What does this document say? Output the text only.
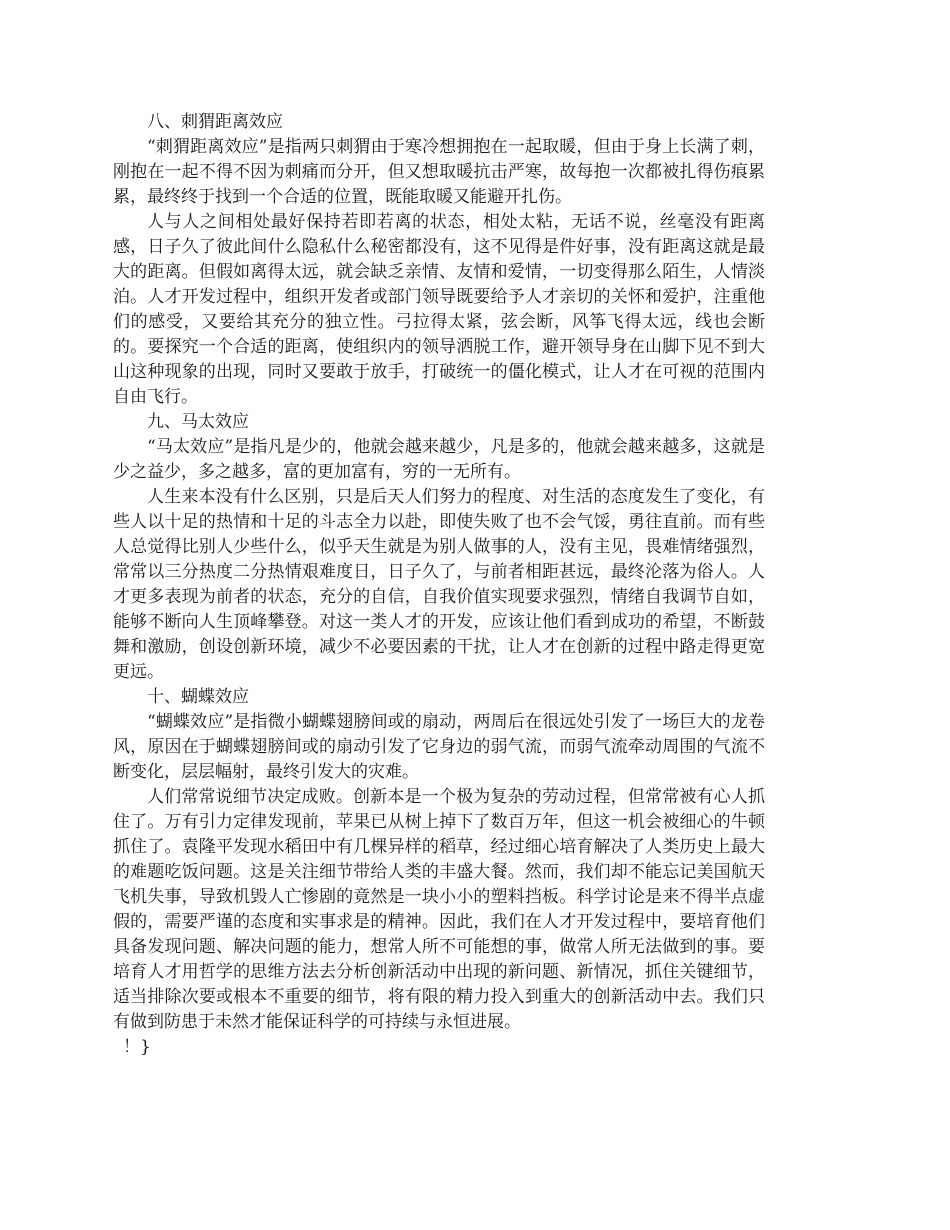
八、刺猬距离效应

“刺猬距离效应”是指两只刺猬由于寒冷想拥抱在一起取暖，但由于身上长满了刺，刚抱在一起不得不因为刺痛而分开，但又想取暖抗击严寒，故每抱一次都被扎得伤痕累累，最终终于找到一个合适的位置，既能取暖又能避开扎伤。

人与人之间相处最好保持若即若离的状态，相处太粘，无话不说，丝毫没有距离感，日子久了彼此间什么隐私什么秘密都没有，这不见得是件好事，没有距离这就是最大的距离。但假如离得太远，就会缺乏亲情、友情和爱情，一切变得那么陌生，人情淡泊。人才开发过程中，组织开发者或部门领导既要给予人才亲切的关怀和爱护，注重他们的感受，又要给其充分的独立性。弓拉得太紧，弦会断，风筝飞得太远，线也会断的。要探究一个合适的距离，使组织内的领导洒脱工作，避开领导身在山脚下见不到大山这种现象的出现，同时又要敢于放手，打破统一的僵化模式，让人才在可视的范围内自由飞行。

九、马太效应

“马太效应”是指凡是少的，他就会越来越少，凡是多的，他就会越来越多，这就是少之益少，多之越多，富的更加富有，穷的一无所有。

人生来本没有什么区别，只是后天人们努力的程度、对生活的态度发生了变化，有些人以十足的热情和十足的斗志全力以赴，即使失败了也不会气馁，勇往直前。而有些人总觉得比别人少些什么，似乎天生就是为别人做事的人，没有主见，畏难情绪强烈，常常以三分热度二分热情艰难度日，日子久了，与前者相距甚远，最终沦落为俗人。人才更多表现为前者的状态，充分的自信，自我价值实现要求强烈，情绪自我调节自如，能够不断向人生顶峰攀登。对这一类人才的开发，应该让他们看到成功的希望，不断鼓舞和激励，创设创新环境，减少不必要因素的干扰，让人才在创新的过程中路走得更宽更远。

十、蝴蝶效应

“蝴蝶效应”是指微小蝴蝶翅膀间或的扇动，两周后在很远处引发了一场巨大的龙卷风，原因在于蝴蝶翅膀间或的扇动引发了它身边的弱气流，而弱气流牵动周围的气流不断变化，层层幅射，最终引发大的灾难。

人们常常说细节决定成败。创新本是一个极为复杂的劳动过程，但常常被有心人抓住了。万有引力定律发现前，苹果已从树上掉下了数百万年，但这一机会被细心的牛顿抓住了。袁隆平发现水稻田中有几棵异样的稻草，经过细心培育解决了人类历史上最大的难题吃饭问题。这是关注细节带给人类的丰盛大餐。然而，我们却不能忘记美国航天飞机失事，导致机毁人亡惨剧的竟然是一块小小的塑料挡板。科学讨论是来不得半点虚假的，需要严谨的态度和实事求是的精神。因此，我们在人才开发过程中，要培育他们具备发现问题、解决问题的能力，想常人所不可能想的事，做常人所无法做到的事。要培育人才用哲学的思维方法去分析创新活动中出现的新问题、新情况，抓住关键细节，适当排除次要或根本不重要的细节，将有限的精力投入到重大的创新活动中去。我们只有做到防患于未然才能保证科学的可持续与永恒进展。

！}
